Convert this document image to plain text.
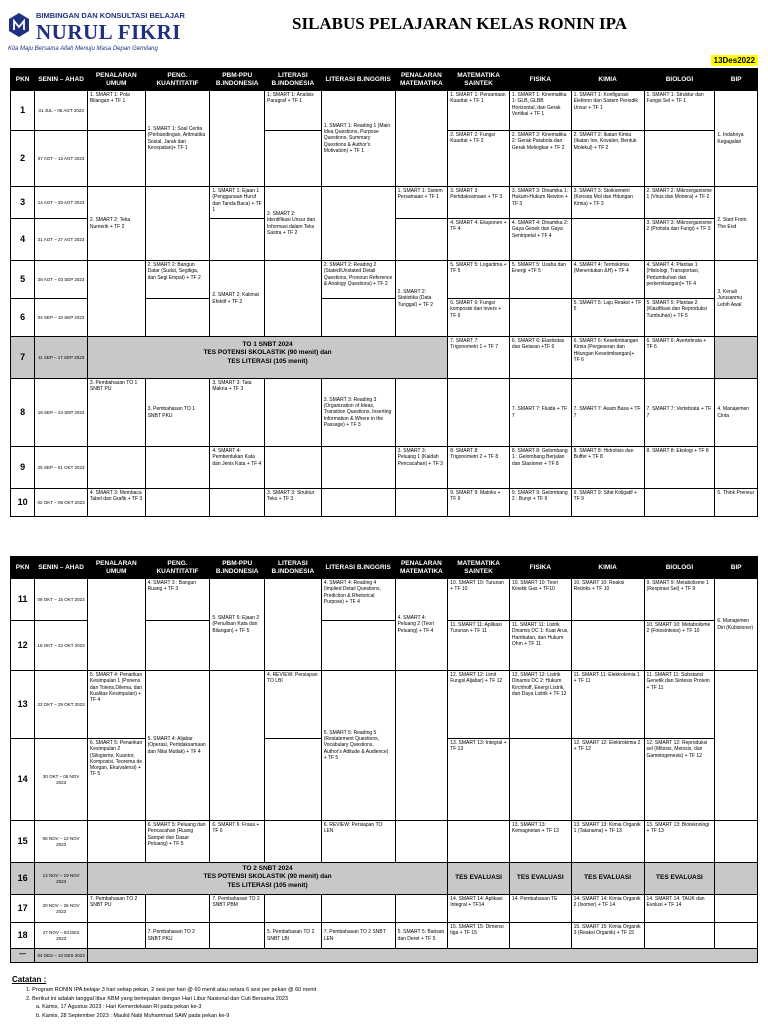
BIMBINGAN DAN KONSULTASI BELAJAR
NURUL FIKRI
Kita Maju Bersama Allah Menuju Masa Depan Gemilang
SILABUS PELAJARAN KELAS RONIN IPA
13Des2022
PKN	SENIN – AHAD	PENALARAN UMUM	PENG. KUANTITATIF	PBM-PPU B.INDONESIA	LITERASI B.INDONESIA	LITERASI B.INGGRIS	PENALARAN MATEMATIKA	MATEMATIKA SAINTEK	FISIKA	KIMIA	BIOLOGI	BIP
1	31 JUL – 06 AGT 2023	1. SMART 1: Pola Bilangan + TF 1	1. SMART 1: Soal Cerita (Perbandingan, Aritmatika Sosial, Jarak dan Kecepatan)+ TF 1		1. SMART 1: Analisis Paragraf + TF 1	1. SMART 1: Reading 1 (Main Idea Questions, Purpose Questions, Summary Questions & Author's Motivation) + TF 1		1. SMART 1: Persamaan Kuadrat + TF 1	1. SMART 1: Kinematika 1: GLB, GLBB Horizontal, dan Gerak Vertikal + TF 1	1. SMART 1: Konfigurasi Elektron dan Sistem Periodik Unsur + TF 1	1. SMART 1: Struktur dan Fungsi Sel + TF 1	1. Indahnya Kegagalan
2	07 AGT – 13 AGT 2023							2. SMART 2: Fungsi Kuadrat + TF 2	2. SMART 2: Kinematika 2: Gerak Parabola dan Gerak Melingkar + TF 2	2. SMART 2: Ikatan Kimia (Ikatan Ion, Kovalen, Bentuk Molekul) + TF 2		
3	14 AGT – 20 AGT 2023	2. SMART 2: Teka Numerik + TF 2		1. SMART 1: Ejaan 1 (Penggunaan Huruf dan Tanda Baca) + TF 1	2. SMART 2: Identifikasi Unsur dan Informasi dalam Teks Sastra + TF 2		1. SMART 1: Sistem Persamaan + TF 1	3. SMART 3: Pertidaksamaan + TF 3	3. SMART 3: Dinamika 1: Hukum-Hukum Newton + TF 3	3. SMART 3: Stoikiometri (Konsep Mol dan Hitungan Kimia) + TF 3	2. SMART 2: Mikroorganisme 1 (Virus dan Monera) + TF 2	2. Start From The End
4	21 AGT – 27 AGT 2023							4. SMART 4: Eksponen + TF 4	4. SMART 4: Dinamika 2: Gaya Gesek dan Gaya Sentripetal + TF 4		3. SMART 3: Mikroorganisme 2 (Protista dan Fungi) + TF 3	
5	28 AGT – 03 SEP 2023		2. SMART 2: Bangun Datar (Sudut, Segitiga, dan Segi Empat) + TF 2	2. SMART 2: Kalimat Efektif + TF 2		2. SMART 2: Reading 2 (Stated/Unstated Detail Questions, Pronoun Reference & Analogy Questions) + TF 2	2. SMART 2: Statistika (Data Tunggal) + TF 2	5. SMART 5: Logaritma + TF 5	5. SMART 5: Usaha dan Energi +TF 5	4. SMART 4: Termokimia (Menentukan ΔH) + TF 4	4. SMART 4: Plantae 1 (Histologi, Transportasi, Pertumbuhan dan perkembangan)+ TF 4	3. Kenali Jurusanmu Lebih Awal
6	04 SEP – 10 SEP 2023							6. SMART 6: Fungsi komposisi dan invers + TF 6		5. SMART 5: Laju Reaksi + TF 5	5. SMART 5: Plantae 2 (Klasifikasi dan Reproduksi Tumbuhan) + TF 5	
7	11 SEP – 17 SEP 2023	TO 1 SNBT 2024
TES POTENSI SKOLASTIK (90 menit) dan
TES LITERASI (105 menit)						7. SMART 7: Trigonometri 1 + TF 7	6. SMART 6: Elastisitas dan Getaran +TF 6	6. SMART 6: Kesetimbangan Kimia (Pergeseran dan Hitungan Kesetimbangan)+ TF 6	6. SMART 6: Avertebrata + TF 6	
8	18 SEP – 24 SEP 2023	3. Pembahasan TO 1 SNBT PU	3. Pembahasan TO 1 SNBT PKU	3. SMART 3: Tata Makna + TF 3		3. SMART 3: Reading 3 (Organization of Ideas, Transition Questions, Inserting Information & Where in the Passage) + TF 3			7. SMART 7: Fluida + TF 7	7. SMART 7: Asam Basa + TF 7	7. SMART 7: Vertebrata + TF 7	4. Manajemen Cinta
9	25 SEP – 01 OKT 2023			4. SMART 4: Pembentukan Kata dan Jenis Kata + TF 4			3. SMART 3: Peluang 1 (Kaidah Pencacahan) + TF 3	8. SMART 8: Trigonometri 2 + TF 8	8. SMART 8: Gelombang 1 : Gelombang Berjalan dan Stasioner + TF 8	8. SMART 8: Hidrolisis dan Buffer + TF 8	8. SMART 8: Ekologi + TF 8	
10	02 OKT – 08 OKT 2023	4. SMART 3: Membaca Tabel dan Grafik + TF 3			3. SMART 3: Struktur Teks + TF 3			9. SMART 9: Matriks + TF 9	9. SMART 9: Gelombang 2 : Bunyi + TF 9	9. SMART 9: Sifat Koligatif + TF 9		5. Think Preneur
PKN	SENIN – AHAD	PENALARAN UMUM	PENG. KUANTITATIF	PBM-PPU B.INDONESIA	LITERASI B.INDONESIA	LITERASI B.INGGRIS	PENALARAN MATEMATIKA	MATEMATIKA SAINTEK	FISIKA	KIMIA	BIOLOGI	BIP
11	09 OKT – 15 OKT 2023		4. SMART 3 : Bangun Ruang + TF 3	5. SMART 5: Ejaan 2 (Penulisan Kata dan Bilangan) + TF 5		4. SMART 4: Reading 4 (Implied Detail Questions, Prediction & Rhetorical Purpose) + TF 4	4. SMART 4: Peluang 2 (Teori Peluang) + TF 4	10. SMART 10: Turunan + TF 10	10. SMART 10: Teori Kinetik Gas + TF10	10. SMART 10: Reaksi Redoks + TF 10	9. SMART 9: Metabolisme 1 (Respirasi Sel) + TF 9	6. Manajemen Diri (Kubisioner)
12	16 OKT – 22 OKT 2023							11. SMART 11: Aplikasi Turunan + TF 11	11. SMART 11: Listrik Dinamis DC 1: Kuat Arus, Hambatan, dan Hukum Ohm + TF 11		10. SMART 10: Metabolisme 2 (Fotosintesis) + TF 10	
13	23 OKT – 29 OKT 2023	5. SMART 4: Penarikan Kesimpulan 1 (Ponens dan Tolens,Dilema, dan Kualitas Kesimpulan) + TF 4	5. SMART 4: Aljabar (Operasi, Pertidaksamaan dan Nilai Mutlak) + TF 4		4. REVIEW: Persiapan TO LBI	5. SMART 5: Reading 5 (Restatement Questions, Vocabulary Questions, Author's Attitude & Audience) + TF 5		12. SMART 12: Limit Fungsi Aljabar) + TF 12	12. SMART 12: Listrik Dinamis DC 2: Hukum Kirchhoff, Energi Listrik, dan Daya Listrik + TF 12	11. SMART 11: Elektrokimia 1 + TF 11	11. SMART 11: Substansi Genetik dan Sintesis Protein + TF 11	
14	30 OKT – 05 NOV 2023	6. SMART 5: Penarikan Kesimpulan 2 (Silogisme, Kuantor, Komposisi, Teorema de Morgan, Ekuivalensi) + TF 5						13. SMART 13: Integral + TF 13		12. SMART 12: Elektrokimia 2 + TF 12	12. SMART 12: Reproduksi sel (Mitosis, Meiosis, dan Gametogenesis) + TF 12	
15	06 NOV – 12 NOV 2023		6. SMART 5: Peluang dan Pencacahan (Ruang Sampel dan Dasar Peluang) + TF 5	6. SMART 6: Frasa + TF 6		6. REVIEW: Persiapan TO LEN			13. SMART 13: Kemagnetan + TF 13	13. SMART 13: Kimia Organik 1 (Tatanama) + TF 13	13. SMART 13: Bioteknologi + TF 13	
16	13 NOV – 19 NOV 2023	TO 2 SNBT 2024
TES POTENSI SKOLASTIK (90 menit) dan
TES LITERASI (105 menit)						TES EVALUASI	TES EVALUASI	TES EVALUASI	TES EVALUASI	
17	20 NOV – 26 NOV 2023	7. Pembahasan TO 2 SNBT PU		7. Pembahasan TO 2 SNBT PBM				14. SMART 14: Aplikasi Integral + TF14	14. Pembahasan TE	14. SMART 14: Kimia Organik 2 (Isomer) + TF 14	14. SMART 14: TAUK dan Evolusi + TF 14	
18	27 NOV – 03 DES 2023		7. Pembahasan TO 2 SNBT PKU		5. Pembahasan TO 2 SNBT LBI	7. Pembahasan TO 2 SNBT LEN	5. SMART 5: Barisan dan Deret + TF 5	15. SMART 15: Dimensi tiga + TF 15		15. SMART 15: Kimia Organik 3 (Reaksi Organik) + TF 15		
—	04 DES – 10 DES 2023											
Catatan :
1. Program RONIN IPA belajar 3 hari setiap pekan, 2 sesi per hari @ 60 menit atau setara 6 sesi per pekan @ 60 menit
2. Berikut ini adalah tanggal libur KBM yang bertepatan dengan Hari Libur Nasional dan Cuti Bersama 2023
a. Kamis, 17 Agustus 2023 : Hari Kemerdekaan RI pada pekan ke-3
b. Kamis, 28 September 2023 : Maulid Nabi Muhammad SAW pada pekan ke-9
